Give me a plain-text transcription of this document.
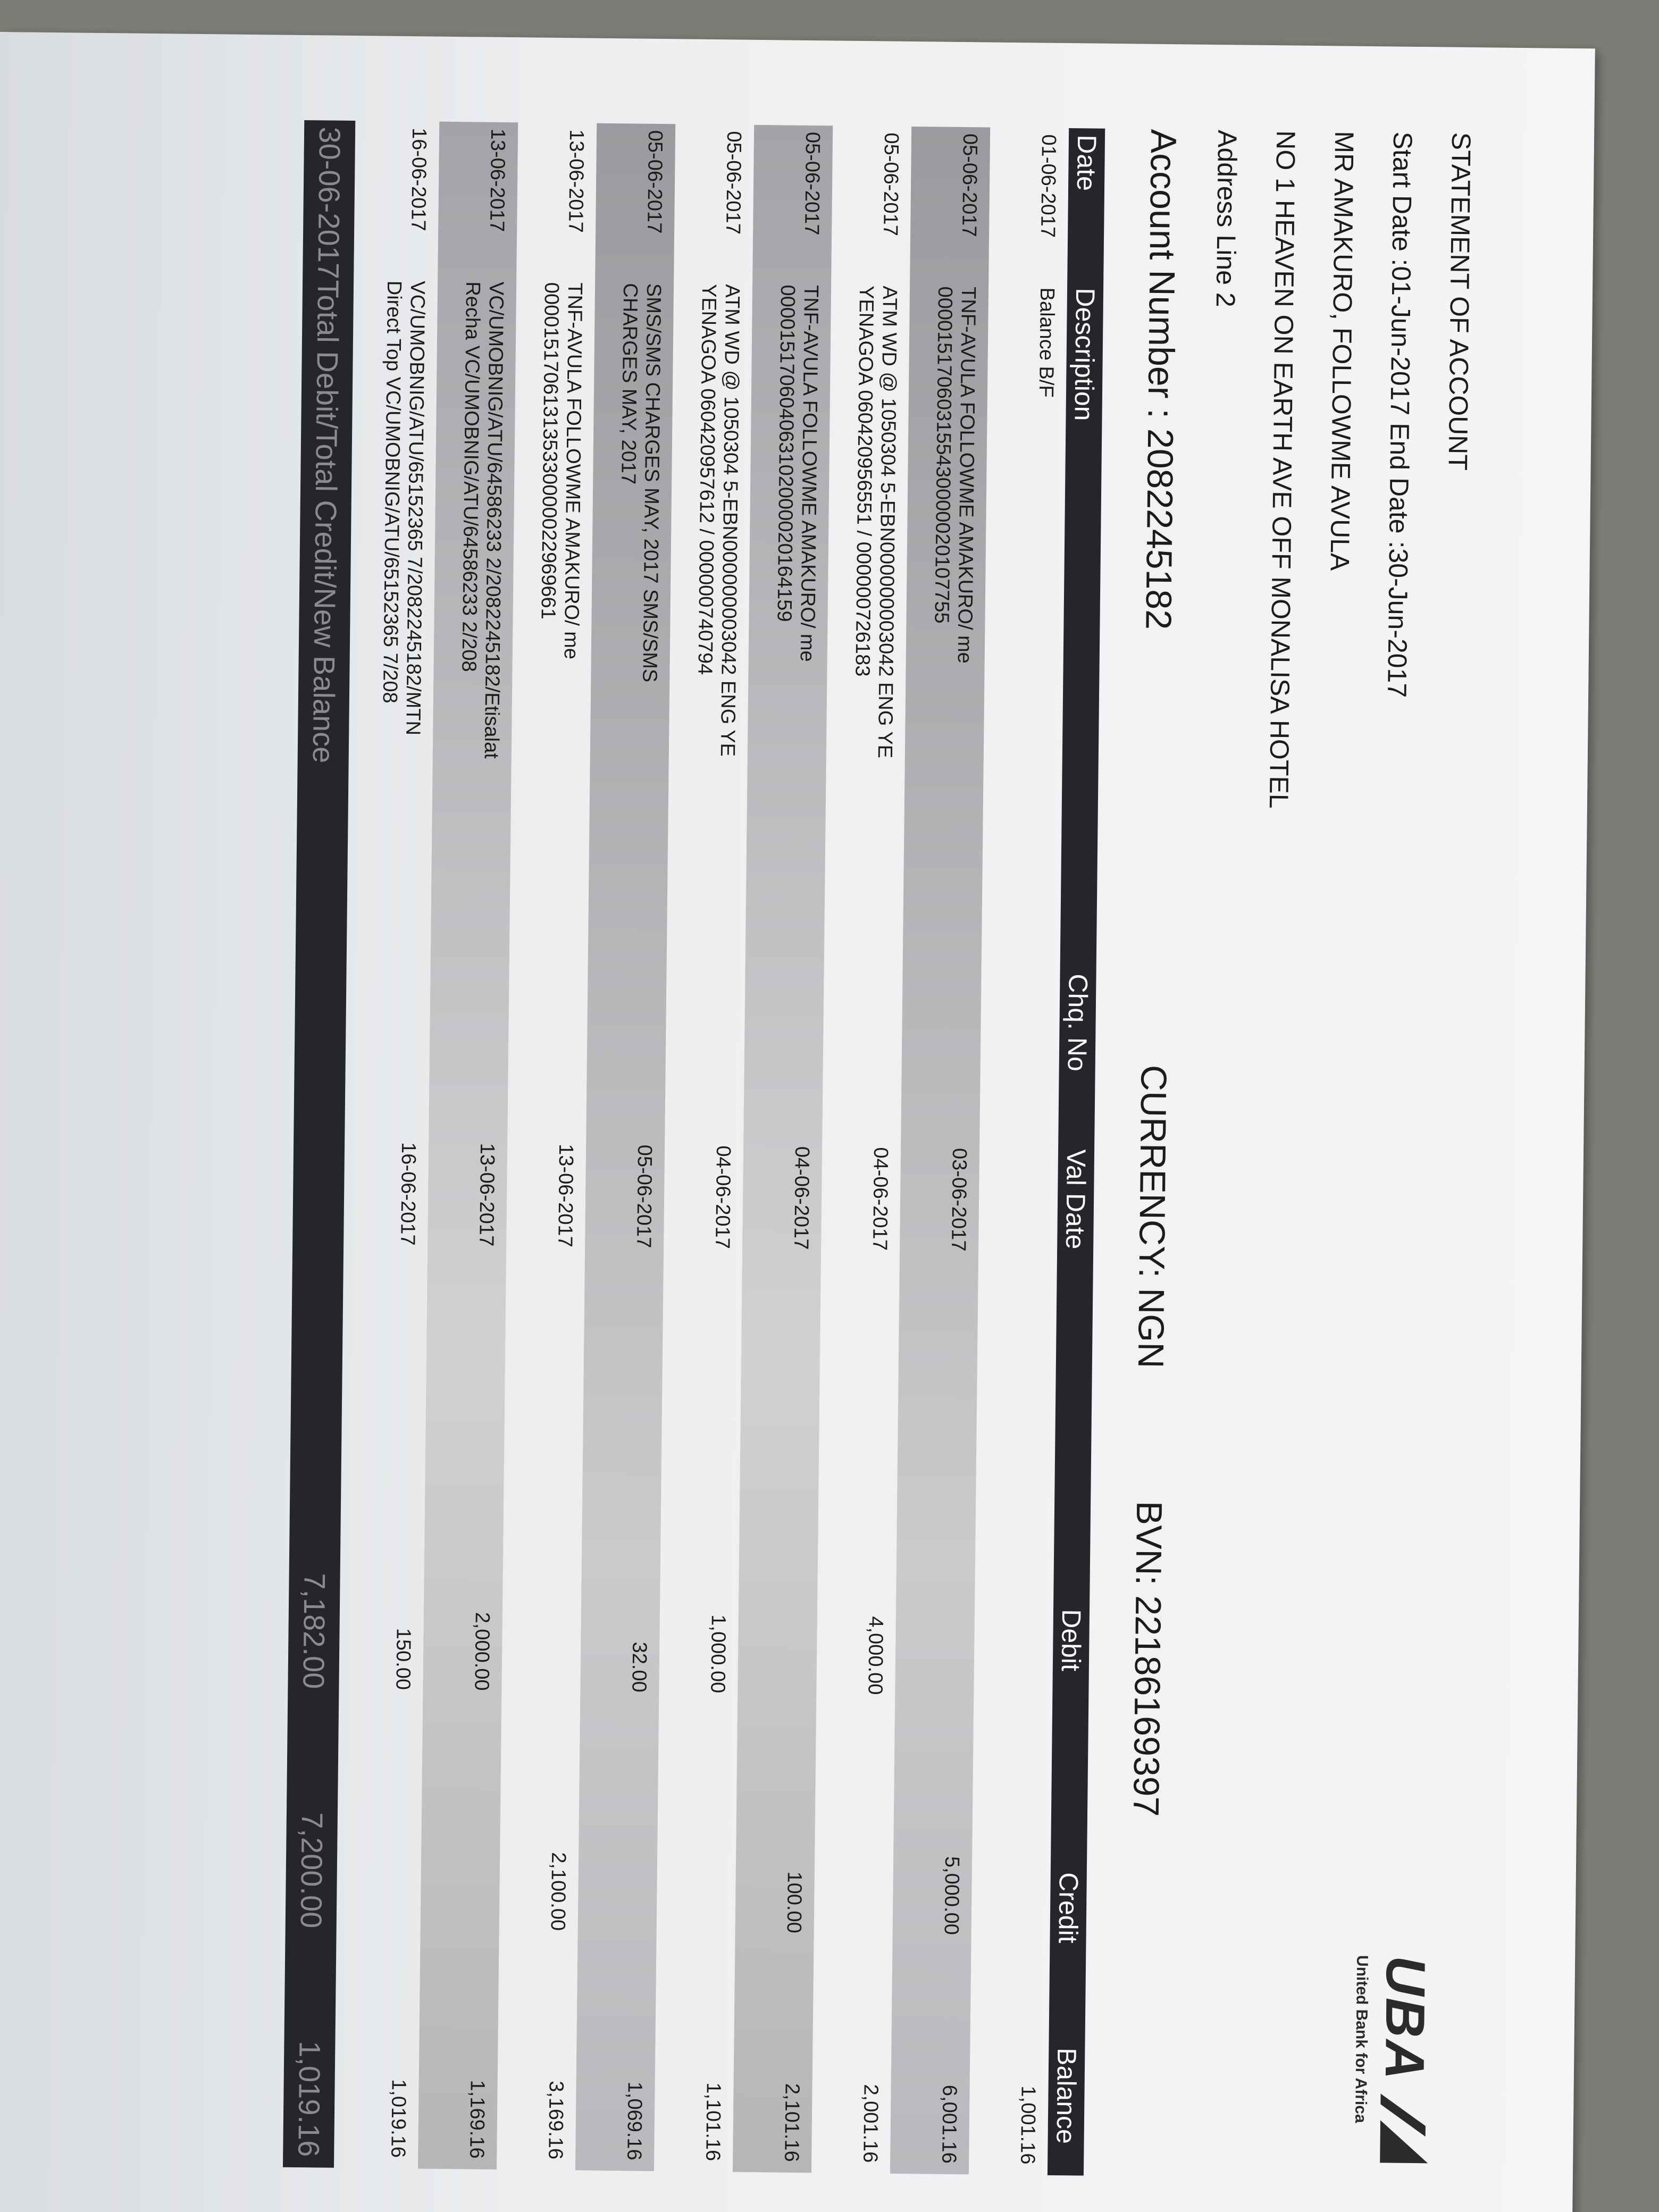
STATEMENT OF ACCOUNT
Start Date :01-Jun-2017 End Date :30-Jun-2017
MR AMAKURO, FOLLOWME AVULA
NO 1 HEAVEN ON EARTH AVE OFF MONALISA HOTEL
Address Line 2
Account Number : 2082245182
CURRENCY: NGN
BVN: 22186169397
UBA
United Bank for Africa
Date
Description
Chq. No
Val Date
Debit
Credit
Balance
01-06-2017
1,001.16
Balance B/F
05-06-2017
03-06-2017
5,000.00
6,001.16
TNF-AVULA FOLLOWME AMAKURO/ me
000015170603155430000020107755
05-06-2017
04-06-2017
4,000.00
2,001.16
ATM WD @ 1050304 5-EBN000000003042 ENG YE
YENAGOA 060420956551 / 000000726183
05-06-2017
04-06-2017
100.00
2,101.16
TNF-AVULA FOLLOWME AMAKURO/ me
000015170604063102000020164159
05-06-2017
04-06-2017
1,000.00
1,101.16
ATM WD @ 1050304 5-EBN000000003042 ENG YE
YENAGOA 060420957612 / 000000740794
05-06-2017
05-06-2017
32.00
1,069.16
SMS/SMS CHARGES MAY, 2017 SMS/SMS
CHARGES MAY, 2017
13-06-2017
13-06-2017
2,100.00
3,169.16
TNF-AVULA FOLLOWME AMAKURO/ me
000015170613135330000022969661
13-06-2017
13-06-2017
2,000.00
1,169.16
VC/UMOBNIG/ATU/64586233 2/2082245182/Etisalat
Recha VC/UMOBNIG/ATU/64586233 2/208
16-06-2017
16-06-2017
150.00
1,019.16
VC/UMOBNIG/ATU/65152365 7/2082245182/MTN
Direct Top VC/UMOBNIG/ATU/65152365 7/208
30-06-2017
Total Debit/Total Credit/New Balance
7,182.00
7,200.00
1,019.16
